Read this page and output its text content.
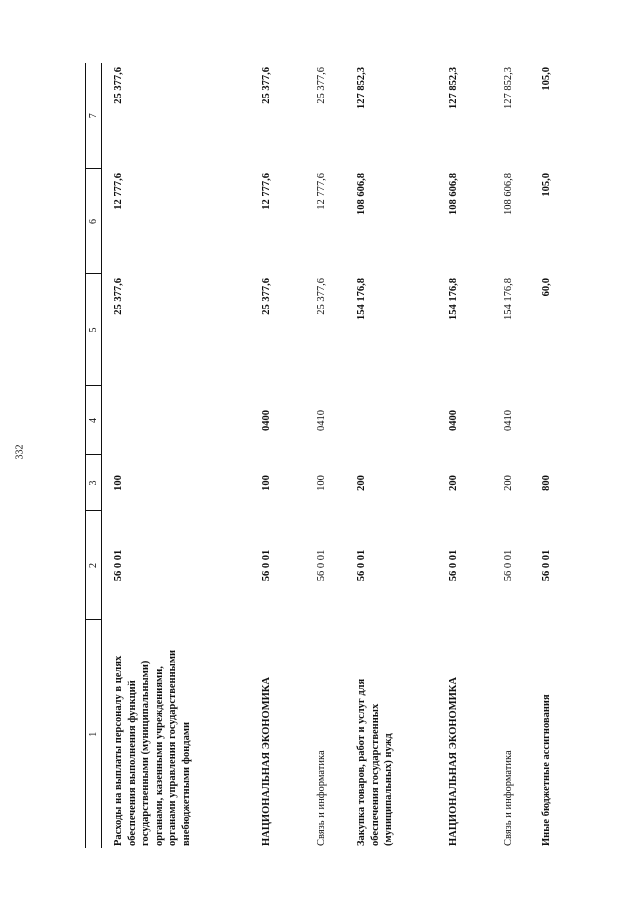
332
1	2	3	4	5	6	7
Расходы на выплаты персоналу в целях обеспечения выполнения функций государственными (муниципальными) органами, казенными учреждениями, органами управления государственными внебюджетными фондами	56 0 01	100		25 377,6	12 777,6	25 377,6
НАЦИОНАЛЬНАЯ ЭКОНОМИКА	56 0 01	100	0400	25 377,6	12 777,6	25 377,6
Связь и информатика	56 0 01	100	0410	25 377,6	12 777,6	25 377,6
Закупка товаров, работ и услуг для обеспечения государственных (муниципальных) нужд	56 0 01	200		154 176,8	108 606,8	127 852,3
НАЦИОНАЛЬНАЯ ЭКОНОМИКА	56 0 01	200	0400	154 176,8	108 606,8	127 852,3
Связь и информатика	56 0 01	200	0410	154 176,8	108 606,8	127 852,3
Иные бюджетные ассигнования	56 0 01	800		60,0	105,0	105,0
